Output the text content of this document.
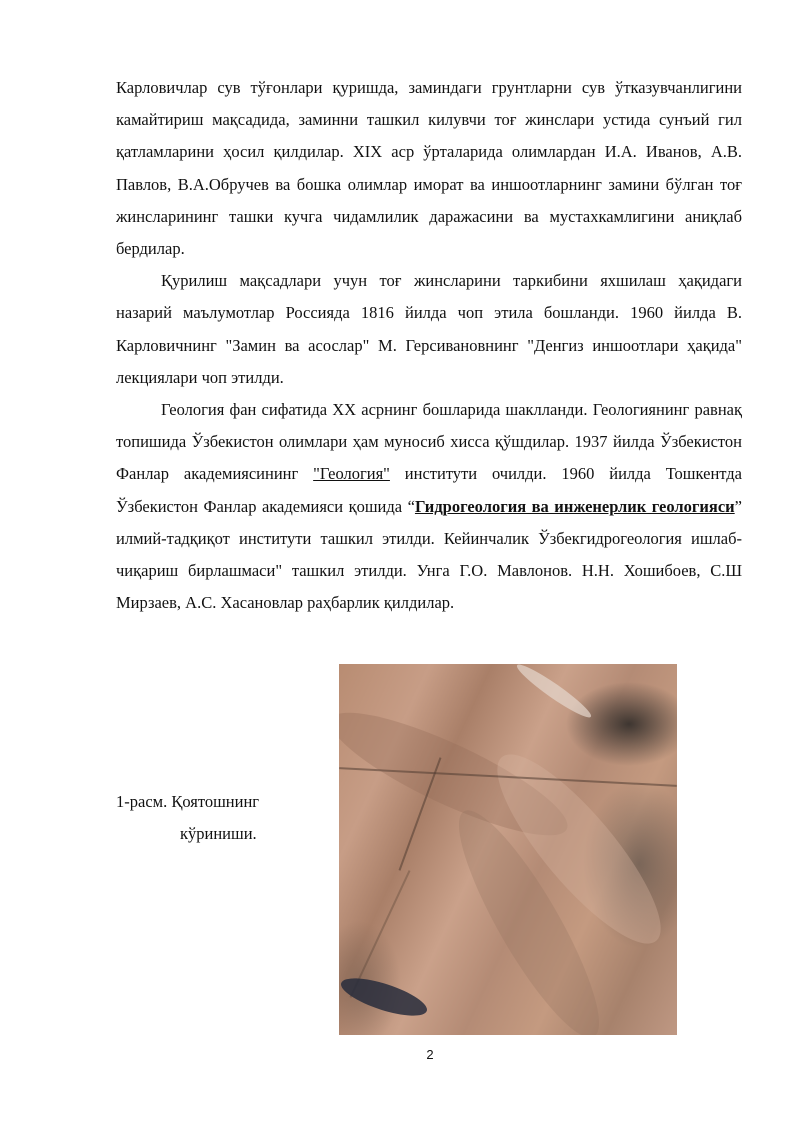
Карловичлар сув тўғонлари қуришда, заминдаги грунтларни сув ўтказувчанлигини камайтириш мақсадида, заминни ташкил килувчи тоғ жинслари устида сунъий гил қатламларини ҳосил қилдилар. XIX асp ўрталарида олимлардан И.А. Иванов, А.В. Павлов, В.А.Обручев ва бошка олимлар иморат ва иншоотларнинг замини бўлган тоғ жинсларининг ташки кучга чидамлилик даражасини ва мустахкамлигини аниқлаб бердилар.

Қурилиш мақсадлари учун тоғ жинсларини таркибини яхшилаш ҳақидаги назарий маълумотлар Россияда 1816 йилда чоп этила бошланди. 1960 йилда В. Карловичнинг "Замин ва асослар" М. Герсивановнинг "Денгиз иншоотлари ҳақида" лекциялари чоп этилди.

Геология фан сифатида XX асрнинг бошларида шаклланди. Геологиянинг равнақ топишида Ўзбекистон олимлари ҳам муносиб хисса қўшдилар. 1937 йилда Ўзбекистон Фанлар академиясининг "Геология" институти очилди. 1960 йилда Тошкентда Ўзбекистон Фанлар академияси қошида “Гидрогеология ва инженерлик геологияси” илмий-тадқиқот институти ташкил этилди. Кейинчалик Ўзбекгидрогеология ишлаб-чиқариш бирлашмаси" ташкил этилди. Унга Г.О. Мавлонов. Н.Н. Хошибоев, С.Ш Мирзаев, А.С. Хасановлар раҳбарлик қилдилар.

1-расм. Қоятошнинг
кўриниши.
2
